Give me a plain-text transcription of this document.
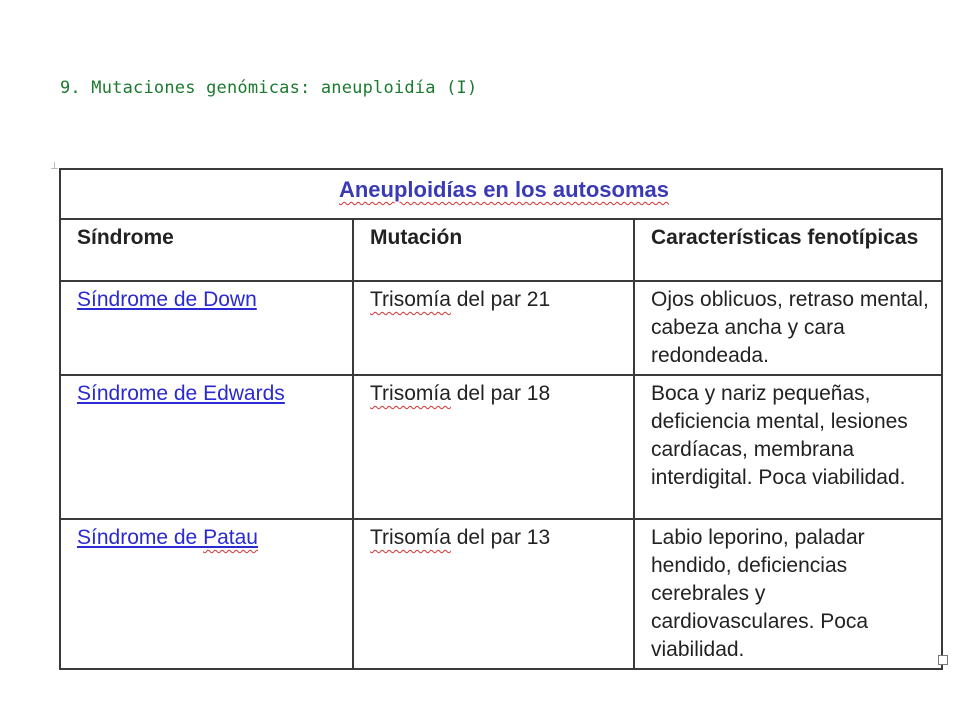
9. Mutaciones genómicas: aneuploidía (I)
⊥
Aneuploidías en los autosomas		
Síndrome	Mutación	Características fenotípicas
Síndrome de Down	Trisomía del par 21	Ojos oblicuos, retraso mental, cabeza ancha y cara redondeada.
Síndrome de Edwards	Trisomía del par 18	Boca y nariz pequeñas, deficiencia mental, lesiones cardíacas, membrana interdigital. Poca viabilidad.
Síndrome de Patau	Trisomía del par 13	Labio leporino, paladar hendido, deficiencias cerebrales y cardiovasculares. Poca viabilidad.
